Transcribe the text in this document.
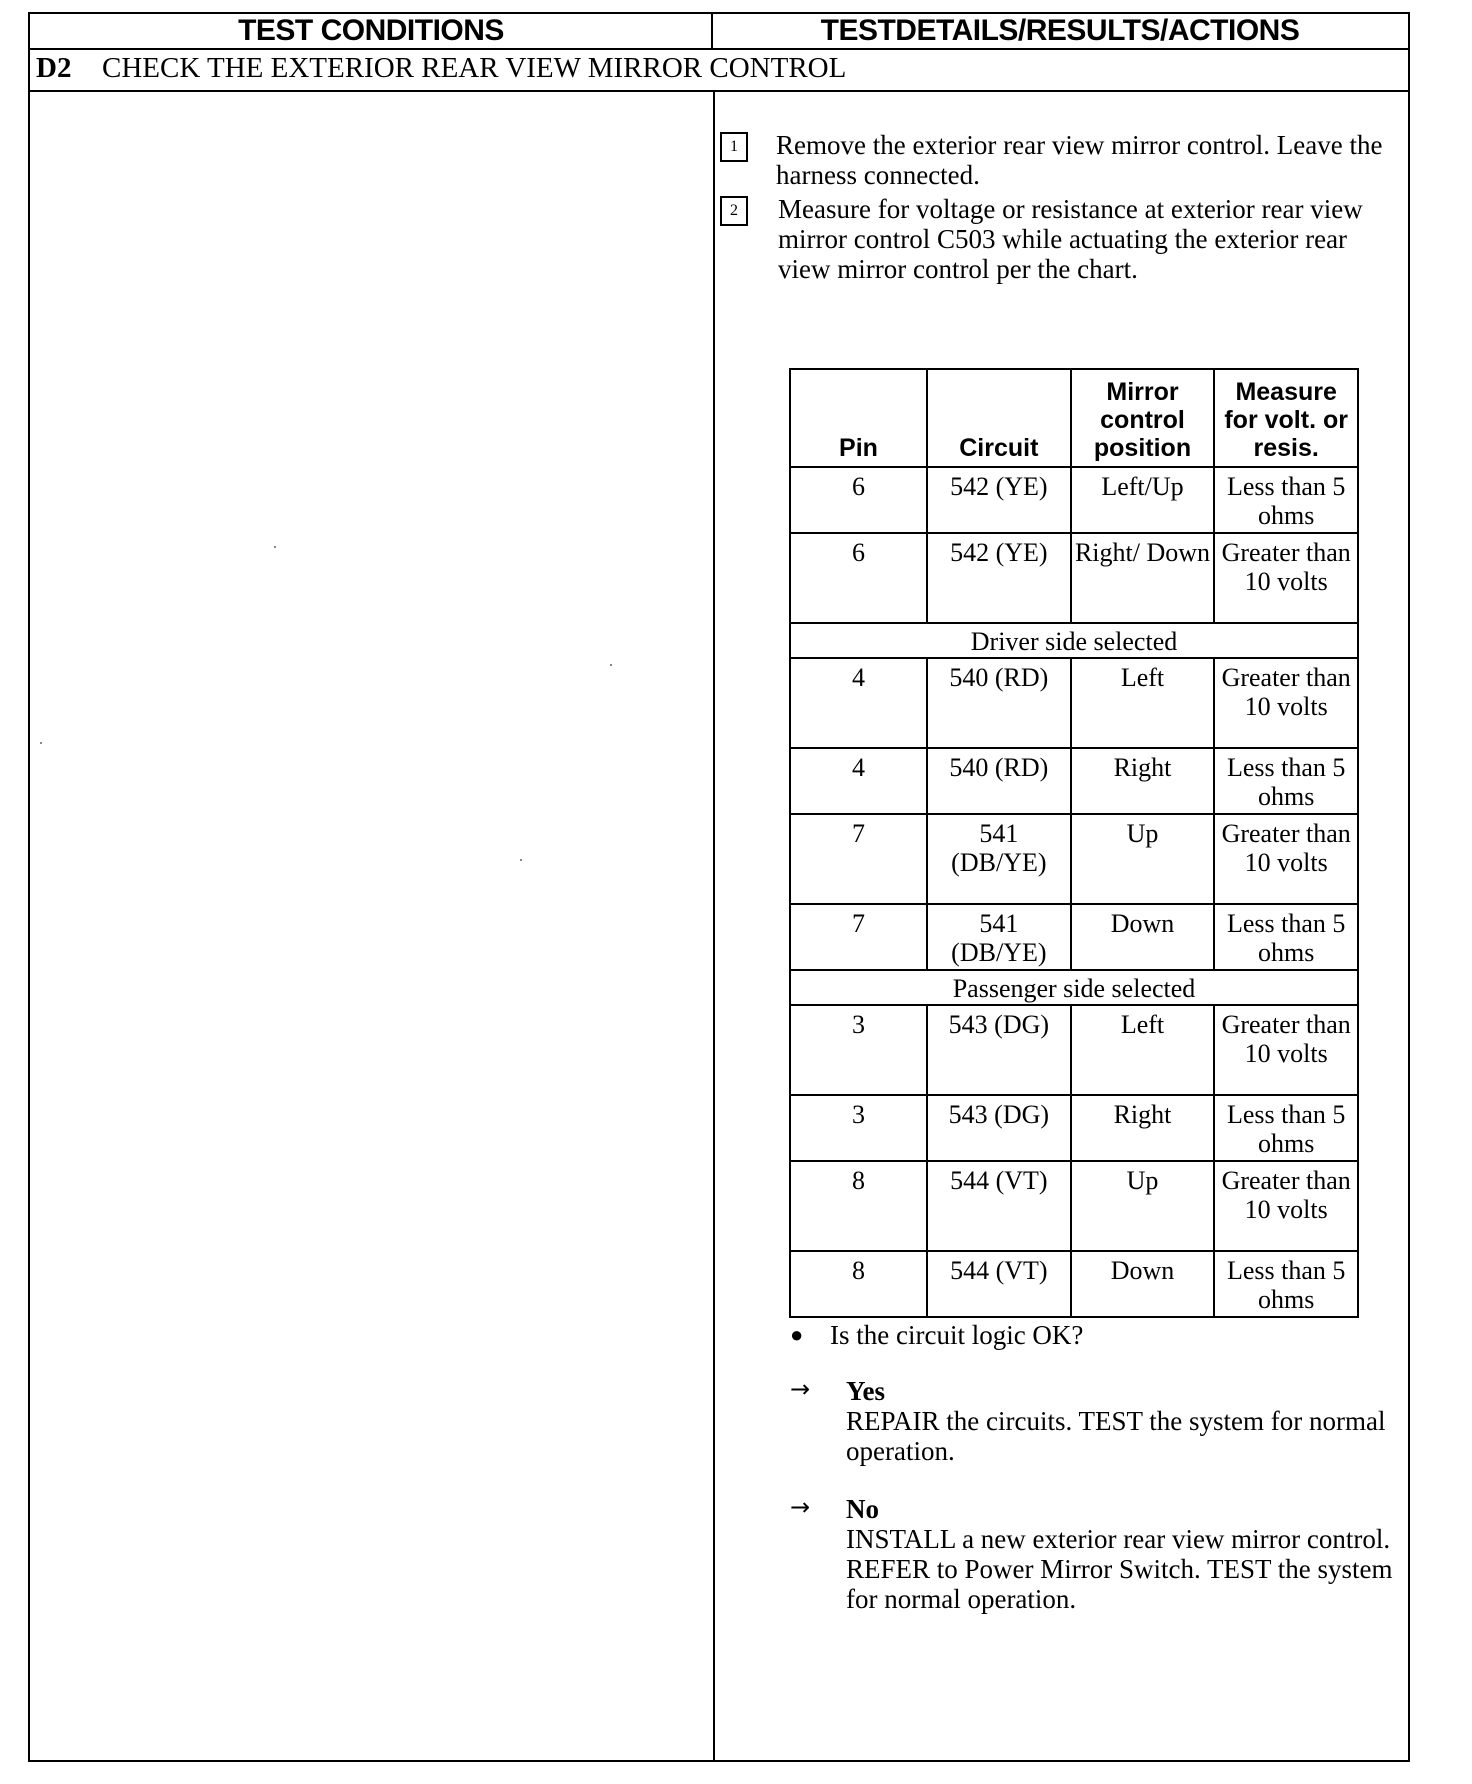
TEST CONDITIONS	TESTDETAILS/RESULTS/ACTIONS
D2 CHECK THE EXTERIOR REAR VIEW MIRROR CONTROL
1	Remove the exterior rear view mirror control. Leave the harness connected.
2	Measure for voltage or resistance at exterior rear view mirror control C503 while actuating the exterior rear view mirror control per the chart.
Pin	Circuit	Mirror control position	Measure for volt. or resis.
6	542 (YE)	Left/Up	Less than 5 ohms
6	542 (YE)	Right/ Down	Greater than 10 volts
Driver side selected			
4	540 (RD)	Left	Greater than 10 volts
4	540 (RD)	Right	Less than 5 ohms
7	541 (DB/YE)	Up	Greater than 10 volts
7	541 (DB/YE)	Down	Less than 5 ohms
Passenger side selected			
3	543 (DG)	Left	Greater than 10 volts
3	543 (DG)	Right	Less than 5 ohms
8	544 (VT)	Up	Greater than 10 volts
8	544 (VT)	Down	Less than 5 ohms
● Is the circuit logic OK?
→ Yes
REPAIR the circuits. TEST the system for normal operation.
→ No
INSTALL a new exterior rear view mirror control. REFER to Power Mirror Switch. TEST the system for normal operation.
